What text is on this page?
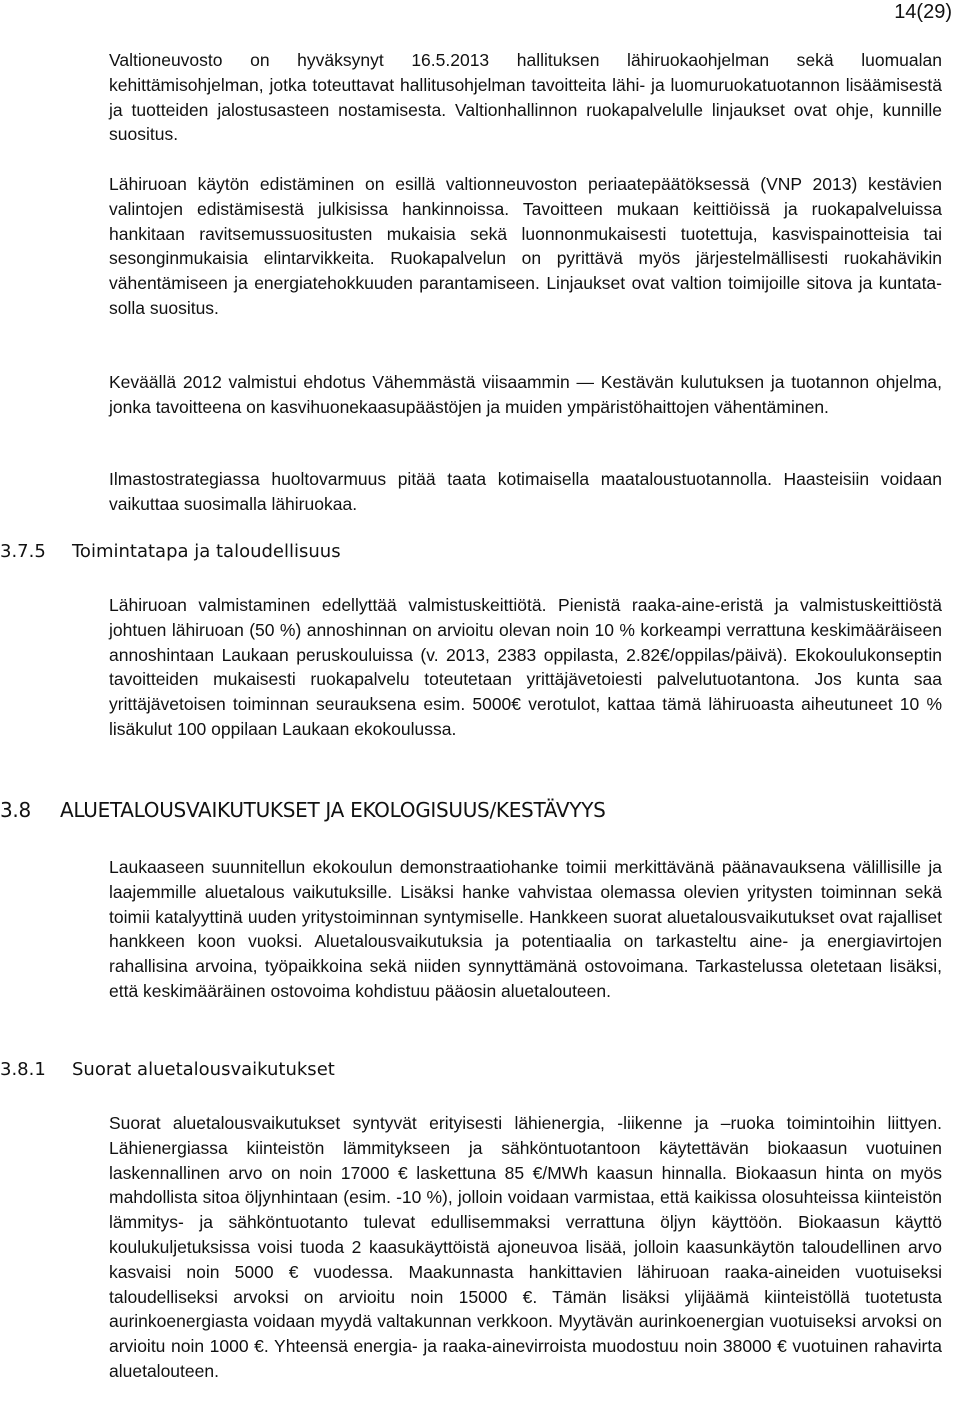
14(29)

Valtioneuvosto on hyväksynyt 16.5.2013 hallituksen lähiruokaohjelman sekä luomualan kehittämisohjelman, jotka toteuttavat hallitusohjelman tavoitteita lähi- ja luomuruokatuotannon lisäämisestä ja tuotteiden jalostusasteen nostamisesta. Valtionhallinnon ruokapalvelulle linjaukset ovat ohje, kunnille suositus.

Lähiruoan käytön edistäminen on esillä valtionneuvoston periaatepäätöksessä (VNP 2013) kestävien valintojen edistämisestä julkisissa hankinnoissa. Tavoitteen mukaan keittiöissä ja ruokapalveluissa hankitaan ravitsemussuositusten mukaisia sekä luonnonmukaisesti tuotettuja, kasvispainotteisia tai sesonginmukaisia elintarvikkeita. Ruokapalvelun on pyrittävä myös järjestelmällisesti ruokahävikin vähentämiseen ja energiatehokkuuden parantamiseen. Linjaukset ovat valtion toimijoille sitova ja kuntatasolla suositus.

Keväällä 2012 valmistui ehdotus Vähemmästä viisaammin — Kestävän kulutuksen ja tuotannon ohjelma, jonka tavoitteena on kasvihuonekaasupäästöjen ja muiden ympäristöhaittojen vähentäminen.

Ilmastostrategiassa huoltovarmuus pitää taata kotimaisella maataloustuotannolla. Haasteisiin voidaan vaikuttaa suosimalla lähiruokaa.

3.7.5 Toimintatapa ja taloudellisuus

Lähiruoan valmistaminen edellyttää valmistuskeittiötä. Pienistä raaka-aine-eristä ja valmistuskeittiöstä johtuen lähiruoan (50 %) annoshinnan on arvioitu olevan noin 10 % korkeampi verrattuna keskimääräiseen annoshintaan Laukaan peruskouluissa (v. 2013, 2383 oppilasta, 2.82€/oppilas/päivä). Ekokoulukonseptin tavoitteiden mukaisesti ruokapalvelu toteutetaan yrittäjävetoiesti palvelutuotantona. Jos kunta saa yrittäjävetoisen toiminnan seurauksena esim. 5000€ verotulot, kattaa tämä lähiruoasta aiheutuneet 10 % lisäkulut 100 oppilaan Laukaan ekokoulussa.

3.8 ALUETALOUSVAIKUTUKSET JA EKOLOGISUUS/KESTÄVYYS

Laukaaseen suunnitellun ekokoulun demonstraatiohanke toimii merkittävänä päänavauksena välillisille ja laajemmille aluetalous vaikutuksille. Lisäksi hanke vahvistaa olemassa olevien yritysten toiminnan sekä toimii katalyyttinä uuden yritystoiminnan syntymiselle. Hankkeen suorat aluetalousvaikutukset ovat rajalliset hankkeen koon vuoksi. Aluetalousvaikutuksia ja potentiaalia on tarkasteltu aine- ja energiavirtojen rahallisina arvoina, työpaikkoina sekä niiden synnyttämänä ostovoimana. Tarkastelussa oletetaan lisäksi, että keskimääräinen ostovoima kohdistuu pääosin aluetalouteen.

3.8.1 Suorat aluetalousvaikutukset

Suorat aluetalousvaikutukset syntyvät erityisesti lähienergia, -liikenne ja –ruoka toimintoihin liittyen. Lähienergiassa kiinteistön lämmitykseen ja sähköntuotantoon käytettävän biokaasun vuotuinen laskennallinen arvo on noin 17000 € laskettuna 85 €/MWh kaasun hinnalla. Biokaasun hinta on myös mahdollista sitoa öljynhintaan (esim. -10 %), jolloin voidaan varmistaa, että kaikissa olosuhteissa kiinteistön lämmitys- ja sähköntuotanto tulevat edullisemmaksi verrattuna öljyn käyttöön. Biokaasun käyttö koulukuljetuksissa voisi tuoda 2 kaasukäyttöistä ajoneuvoa lisää, jolloin kaasunkäytön taloudellinen arvo kasvaisi noin 5000 € vuodessa. Maakunnasta hankittavien lähiruoan raaka-aineiden vuotuiseksi taloudelliseksi arvoksi on arvioitu noin 15000 €. Tämän lisäksi ylijäämä kiinteistöllä tuotetusta aurinkoenergiasta voidaan myydä valtakunnan verkkoon. Myytävän aurinkoenergian vuotuiseksi arvoksi on arvioitu noin 1000 €. Yhteensä energia- ja raaka-ainevirroista muodostuu noin 38000 € vuotuinen rahavirta aluetalouteen.
